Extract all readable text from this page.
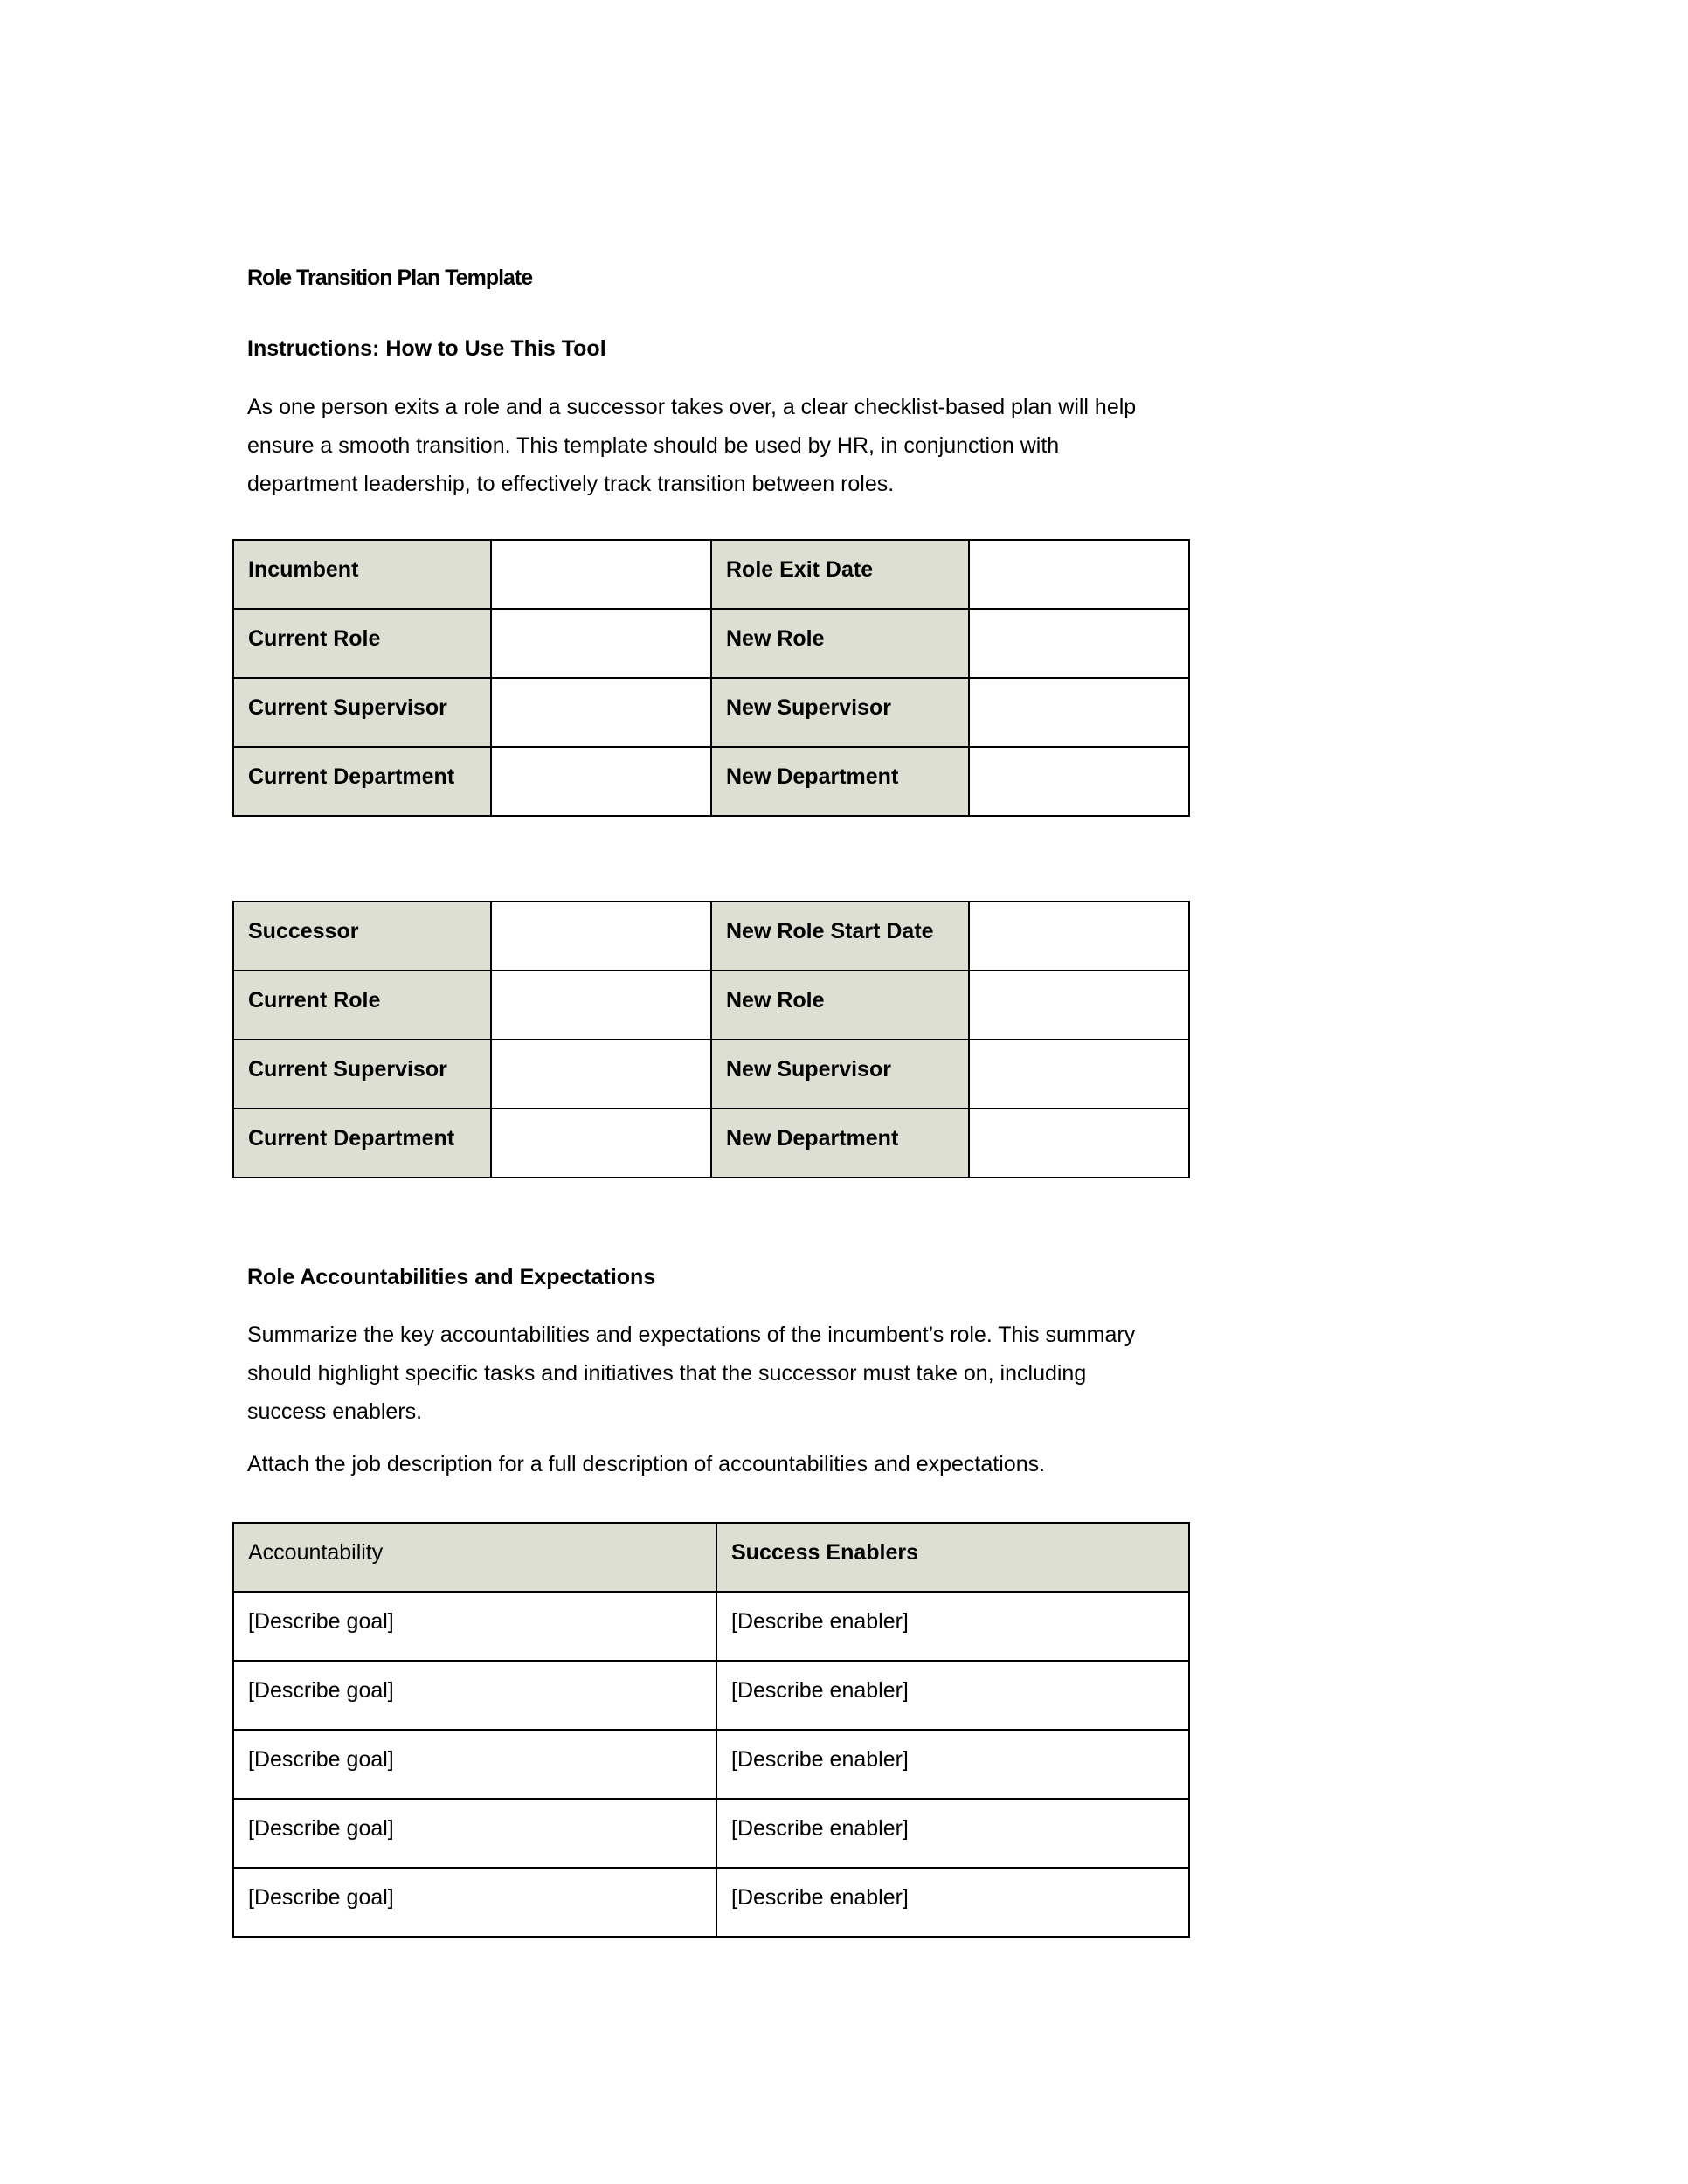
Role Transition Plan Template
Instructions: How to Use This Tool

As one person exits a role and a successor takes over, a clear checklist-based plan will help
ensure a smooth transition. This template should be used by HR, in conjunction with
department leadership, to effectively track transition between roles.

Incumbent		Role Exit Date	
Current Role		New Role	
Current Supervisor		New Supervisor	
Current Department		New Department	
Successor		New Role Start Date	
Current Role		New Role	
Current Supervisor		New Supervisor	
Current Department		New Department	
Role Accountabilities and Expectations

Summarize the key accountabilities and expectations of the incumbent’s role. This summary
should highlight specific tasks and initiatives that the successor must take on, including
success enablers.

Attach the job description for a full description of accountabilities and expectations.

Accountability	Success Enablers
[Describe goal]	[Describe enabler]
[Describe goal]	[Describe enabler]
[Describe goal]	[Describe enabler]
[Describe goal]	[Describe enabler]
[Describe goal]	[Describe enabler]
